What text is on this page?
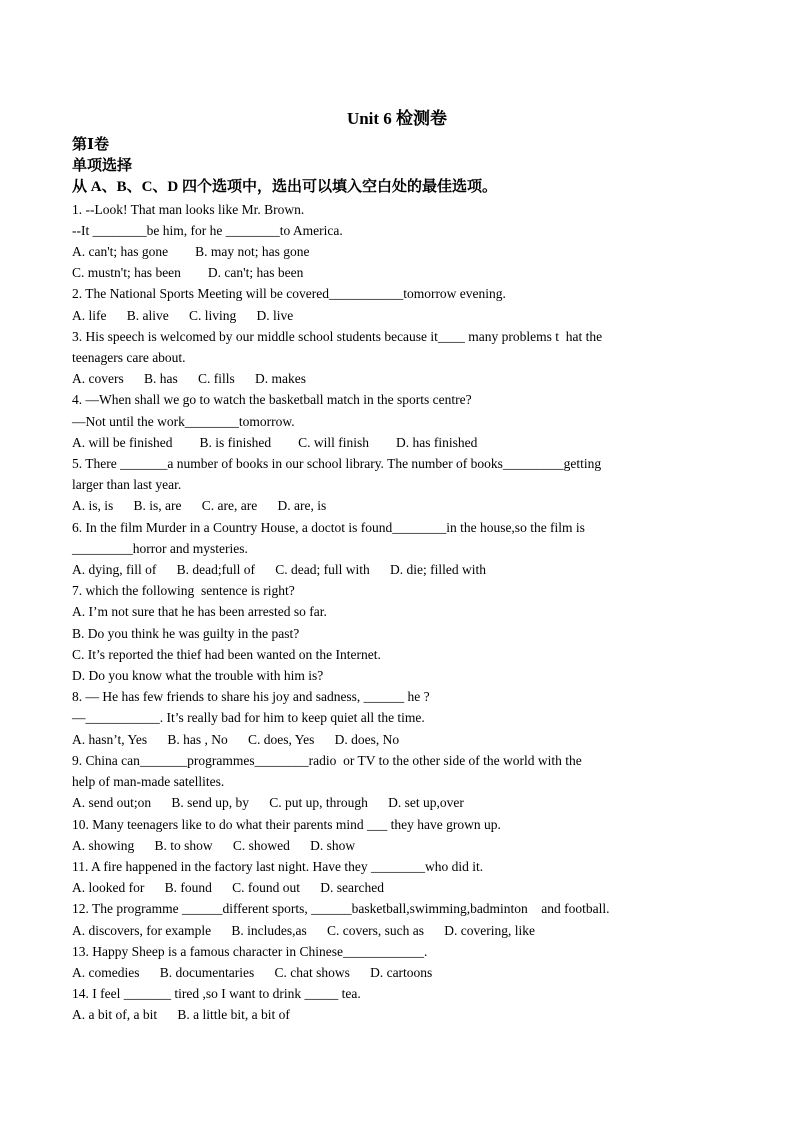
Unit 6 检测卷
第Ⅰ卷
单项选择
从 A、B、C、D 四个选项中，选出可以填入空白处的最佳选项。
1. --Look! That man looks like Mr. Brown.
--It ________be him, for he ________to America.
A. can't; has gone        B. may not; has gone
C. mustn't; has been        D. can't; has been
2. The National Sports Meeting will be covered___________tomorrow evening.
A. life      B. alive      C. living      D. live
3. His speech is welcomed by our middle school students because it____ many problems t  hat the
teenagers care about.
A. covers      B. has      C. fills      D. makes
4. —When shall we go to watch the basketball match in the sports centre?
—Not until the work________tomorrow.
A. will be finished        B. is finished        C. will finish        D. has finished
5. There _______a number of books in our school library. The number of books_________getting
larger than last year.
A. is, is      B. is, are      C. are, are      D. are, is
6. In the film Murder in a Country House, a doctot is found________in the house,so the film is
_________horror and mysteries.
A. dying, fill of      B. dead;full of      C. dead; full with      D. die; filled with
7. which the following  sentence is right?
A. I’m not sure that he has been arrested so far.
B. Do you think he was guilty in the past?
C. It’s reported the thief had been wanted on the Internet.
D. Do you know what the trouble with him is?
8. — He has few friends to share his joy and sadness, ______ he ?
—___________. It’s really bad for him to keep quiet all the time.
A. hasn’t, Yes      B. has , No      C. does, Yes      D. does, No
9. China can_______programmes________radio  or TV to the other side of the world with the
help of man-made satellites.
A. send out;on      B. send up, by      C. put up, through      D. set up,over
10. Many teenagers like to do what their parents mind ___ they have grown up.
A. showing      B. to show      C. showed      D. show
11. A fire happened in the factory last night. Have they ________who did it.
A. looked for      B. found      C. found out      D. searched
12. The programme ______different sports, ______basketball,swimming,badminton    and football.
A. discovers, for example      B. includes,as      C. covers, such as      D. covering, like
13. Happy Sheep is a famous character in Chinese____________.
A. comedies      B. documentaries      C. chat shows      D. cartoons
14. I feel _______ tired ,so I want to drink _____ tea.
A. a bit of, a bit      B. a little bit, a bit of
